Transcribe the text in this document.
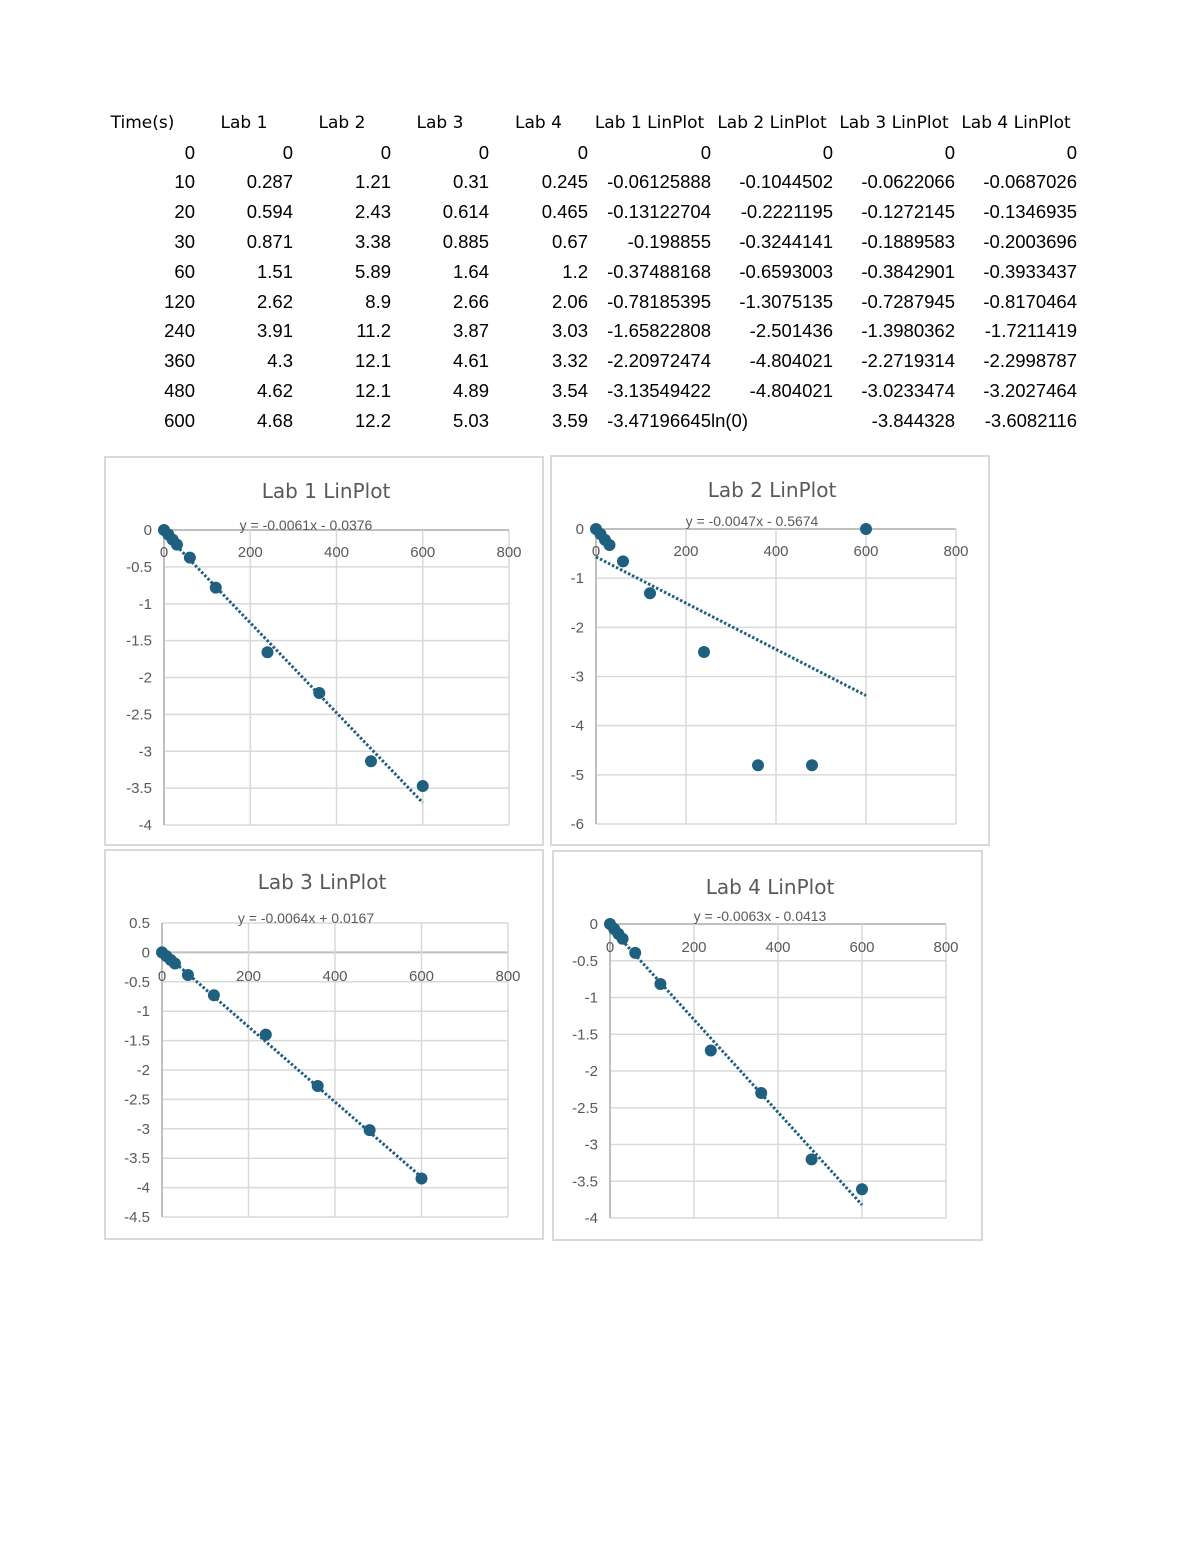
Time(s)	Lab 1	Lab 2	Lab 3	Lab 4	Lab 1 LinPlot	Lab 2 LinPlot	Lab 3 LinPlot	Lab 4 LinPlot
0	0	0	0	0	0	0	0	0
10	0.287	1.21	0.31	0.245	-0.06125888	-0.1044502	-0.0622066	-0.0687026
20	0.594	2.43	0.614	0.465	-0.13122704	-0.2221195	-0.1272145	-0.1346935
30	0.871	3.38	0.885	0.67	-0.198855	-0.3244141	-0.1889583	-0.2003696
60	1.51	5.89	1.64	1.2	-0.37488168	-0.6593003	-0.3842901	-0.3933437
120	2.62	8.9	2.66	2.06	-0.78185395	-1.3075135	-0.7287945	-0.8170464
240	3.91	11.2	3.87	3.03	-1.65822808	-2.501436	-1.3980362	-1.7211419
360	4.3	12.1	4.61	3.32	-2.20972474	-4.804021	-2.2719314	-2.2998787
480	4.62	12.1	4.89	3.54	-3.13549422	-4.804021	-3.0233474	-3.2027464
600	4.68	12.2	5.03	3.59	-3.47196645	ln(0)	-3.844328	-3.6082116
0
-0.5
-1
-1.5
-2
-2.5
-3
-3.5
-4
0	200	400	600	800
Lab 1 LinPlot
y = -0.0061x - 0.0376	0
-1
-2
-3
-4
-5
-6
0	200	400	600	800
Lab 2 LinPlot
y = -0.0047x - 0.5674
0.5
0
-0.5
-1
-1.5
-2
-2.5
-3
-3.5
-4
-4.5
0	200	400	600	800
Lab 3 LinPlot
y = -0.0064x + 0.0167	0
-0.5
-1
-1.5
-2
-2.5
-3
-3.5
-4
0	200	400	600	800
Lab 4 LinPlot
y = -0.0063x - 0.0413
